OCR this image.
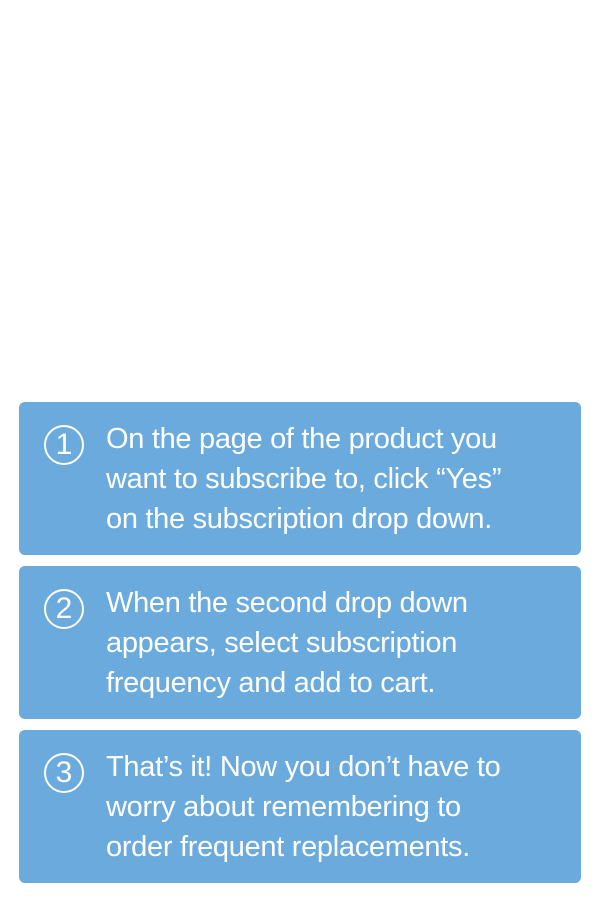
1	On the page of the product you
want to subscribe to, click “Yes”
on the subscription drop down.
2	When the second drop down
appears, select subscription
frequency and add to cart.
3	That’s it! Now you don’t have to
worry about remembering to
order frequent replacements.
